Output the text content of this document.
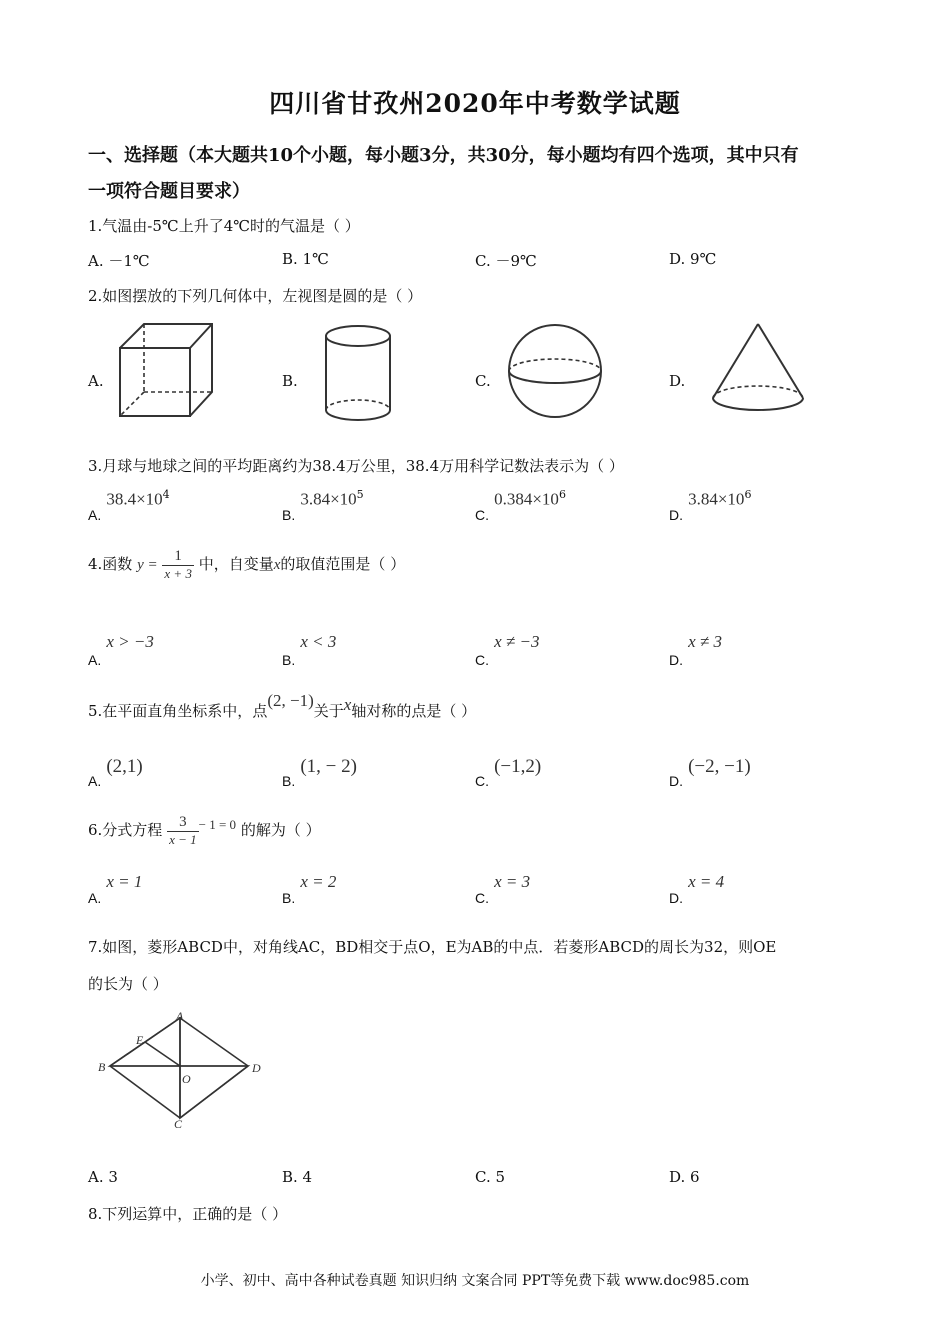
四川省甘孜州2020年中考数学试题
一、选择题（本大题共10个小题，每小题3分，共30分，每小题均有四个选项，其中只有
一项符合题目要求）
1.气温由-5℃上升了4℃时的气温是（ ）
A. －1℃	B. 1℃	C. －9℃	D. 9℃
2.如图摆放的下列几何体中，左视图是圆的是（ ）
A.	B.	C.	D.
3.月球与地球之间的平均距离约为38.4万公里，38.4万用科学记数法表示为（ ）
A. $38.4\times 10^4$
B. $3.84\times 10^5$
C. $0.384\times 10^6$
D. $3.84\times 10^6$
4.函数 $y = \frac{1}{x + 3}$ 中，自变量x的取值范围是（ ）
A. x > −3
B. x < 3
C. x ≠ −3
D. x ≠ 3
5.在平面直角坐标系中，点(2, −1)关于x轴对称的点是（ ）
A. (2,1)
B. (1, − 2)
C. (−1,2)
D. (−2, −1)
6.分式方程 $\frac{3}{x - 1} - 1 = 0$ 的解为（ ）
A. x = 1
B. x = 2
C. x = 3
D. x = 4
7.如图，菱形ABCD中，对角线AC，BD相交于点O，E为AB的中点．若菱形ABCD的周长为32，则OE
的长为（ ）
A
B
C
D
E
O
A. 3	B. 4	C. 5	D. 6
8.下列运算中，正确的是（ ）
小学、初中、高中各种试卷真题 知识归纳 文案合同 PPT等免费下载 www.doc985.com
